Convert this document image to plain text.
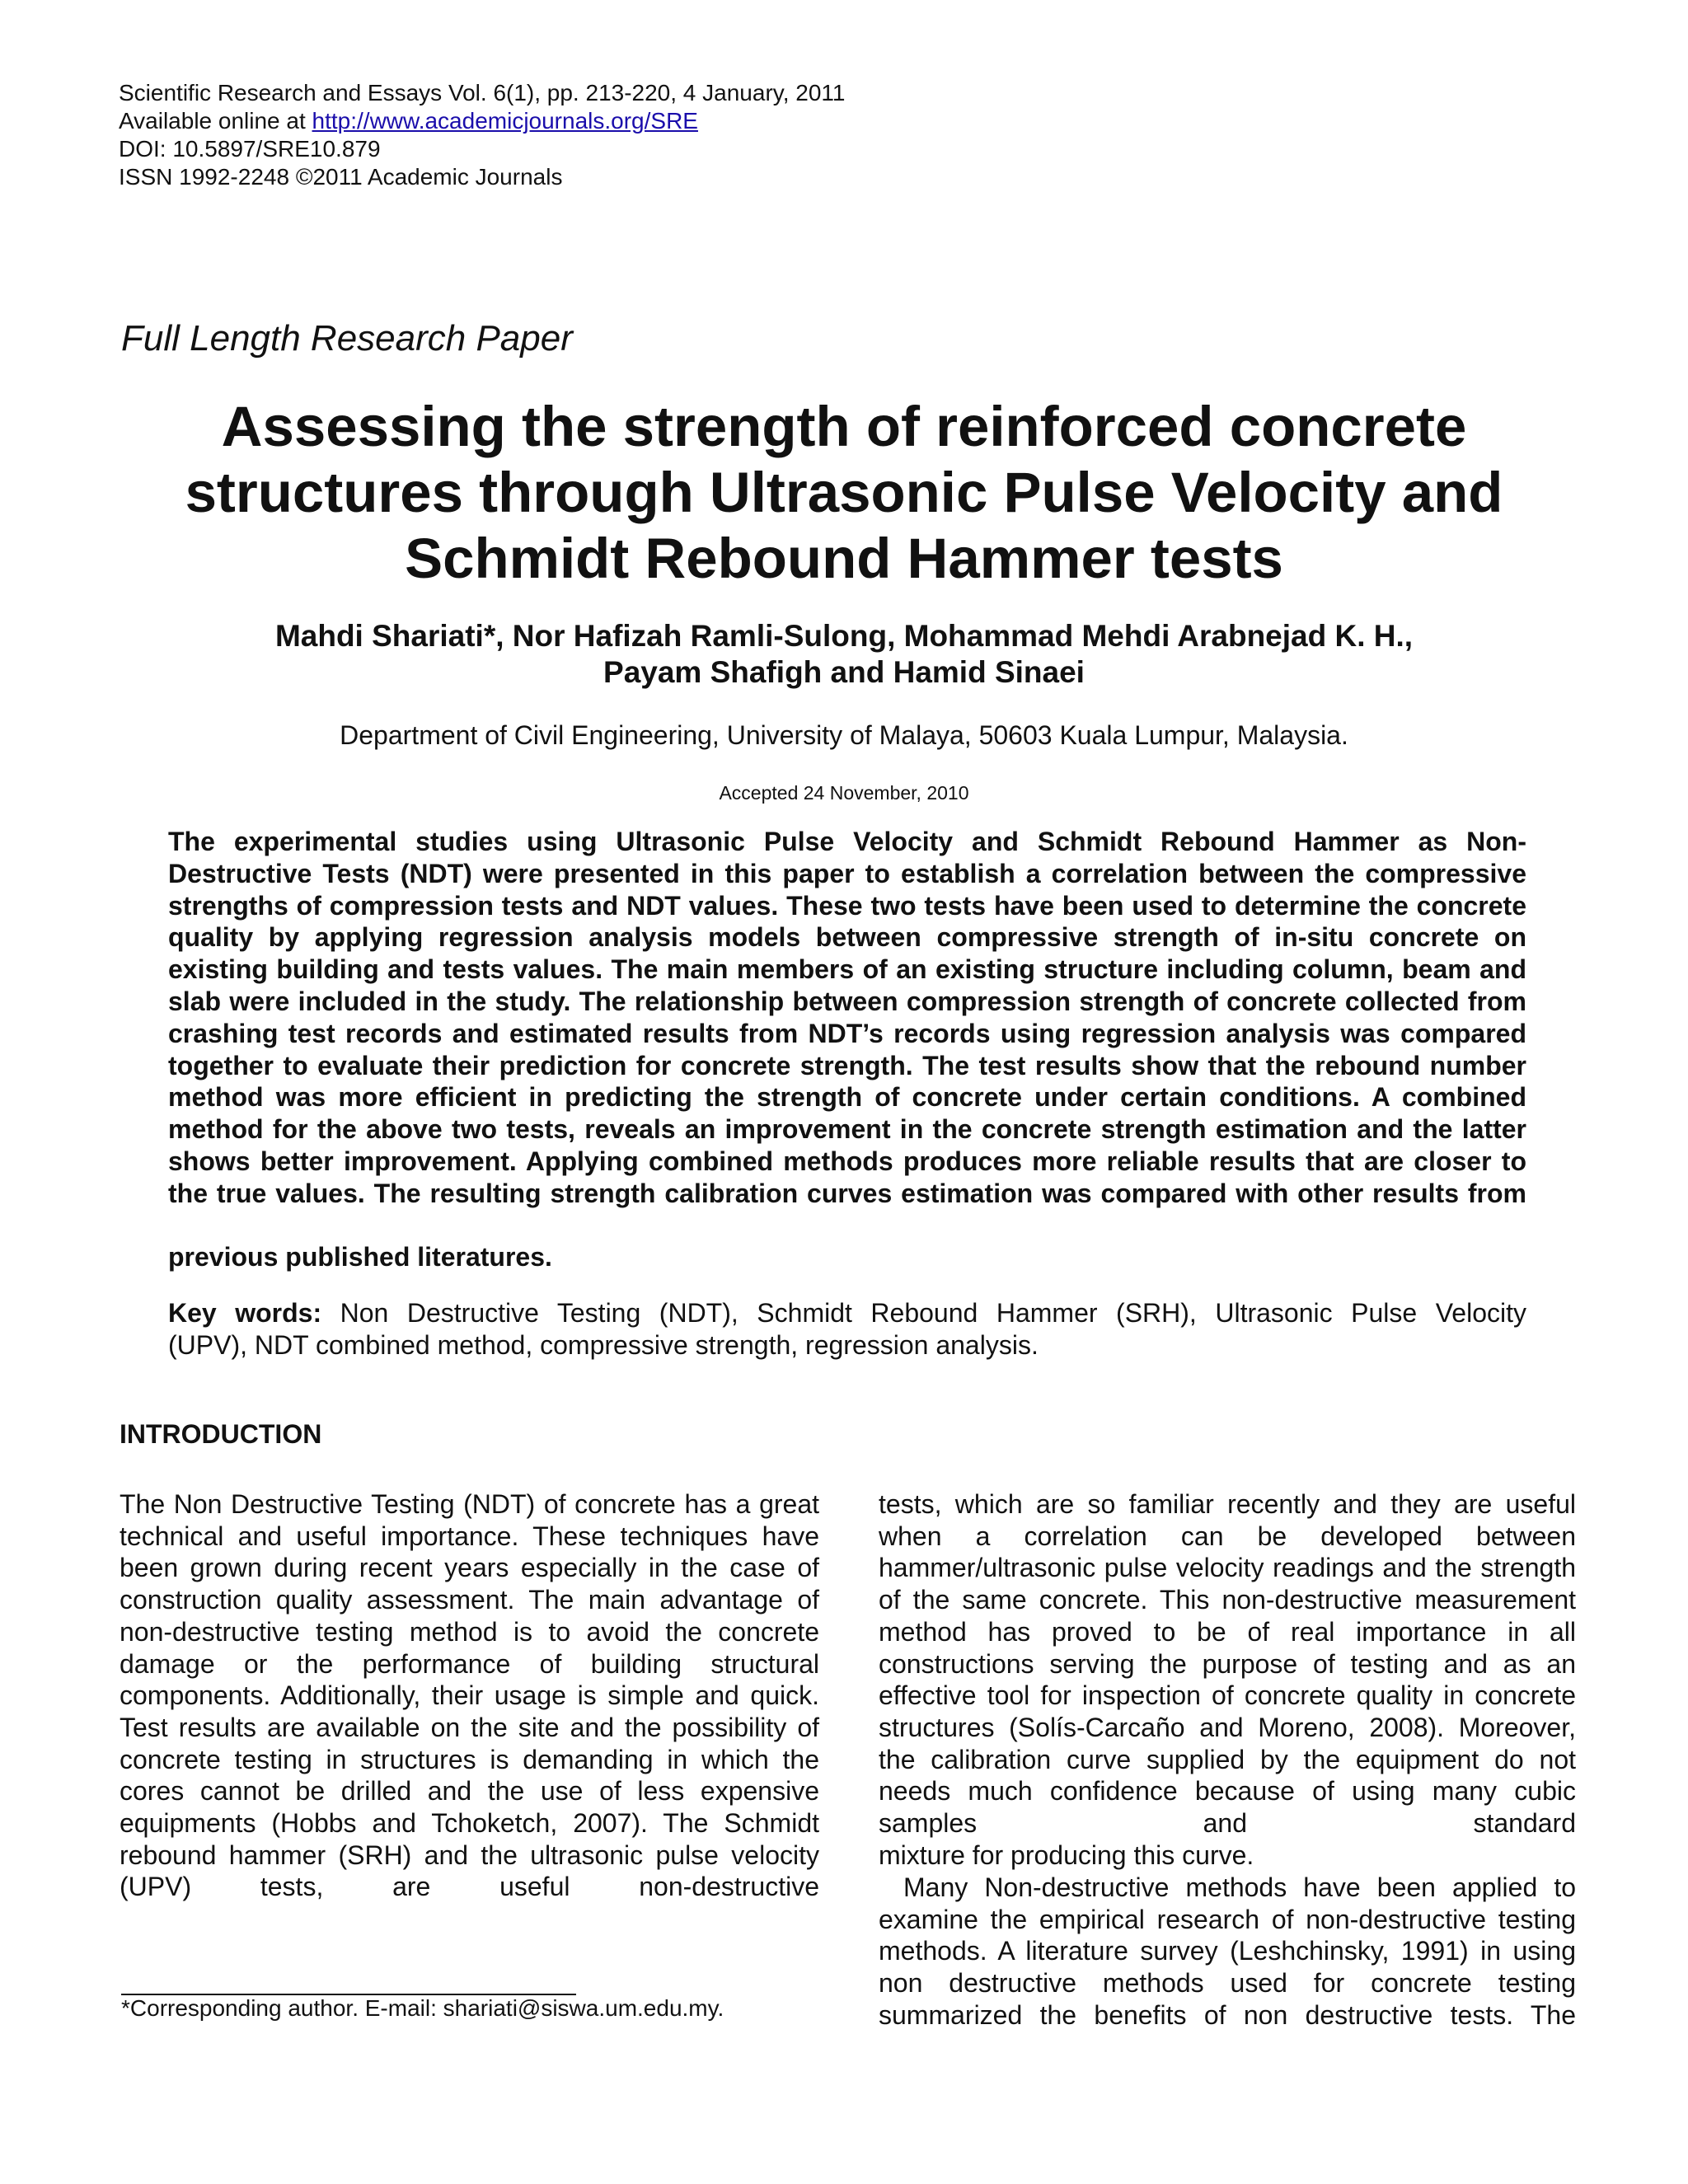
Scientific Research and Essays Vol. 6(1), pp. 213-220, 4 January, 2011
Available online at http://www.academicjournals.org/SRE
DOI: 10.5897/SRE10.879
ISSN 1992-2248 ©2011 Academic Journals
Full Length Research Paper
Assessing the strength of reinforced concrete
structures through Ultrasonic Pulse Velocity and
Schmidt Rebound Hammer tests
Mahdi Shariati*, Nor Hafizah Ramli-Sulong, Mohammad Mehdi Arabnejad K. H.,
Payam Shafigh and Hamid Sinaei
Department of Civil Engineering, University of Malaya, 50603 Kuala Lumpur, Malaysia.
Accepted 24 November, 2010

The experimental studies using Ultrasonic Pulse Velocity and Schmidt Rebound Hammer as Non-Destructive Tests (NDT) were presented in this paper to establish a correlation between the compressive strengths of compression tests and NDT values. These two tests have been used to determine the concrete quality by applying regression analysis models between compressive strength of in-situ concrete on existing building and tests values. The main members of an existing structure including column, beam and slab were included in the study. The relationship between compression strength of concrete collected from crashing test records and estimated results from NDT’s records using regression analysis was compared together to evaluate their prediction for concrete strength. The test results show that the rebound number method was more efficient in predicting the strength of concrete under certain conditions. A combined method for the above two tests, reveals an improvement in the concrete strength estimation and the latter shows better improvement. Applying combined methods produces more reliable results that are closer to the true values. The resulting strength calibration curves estimation was compared with other results from

previous published literatures.
Key words: Non Destructive Testing (NDT), Schmidt Rebound Hammer (SRH), Ultrasonic Pulse Velocity
(UPV), NDT combined method, compressive strength, regression analysis.
INTRODUCTION
The Non Destructive Testing (NDT) of concrete has a great technical and useful importance. These techniques have been grown during recent years especially in the case of construction quality assessment. The main advantage of non-destructive testing method is to avoid the concrete damage or the performance of building structural components. Additionally, their usage is simple and quick. Test results are available on the site and the possibility of concrete testing in structures is demanding in which the cores cannot be drilled and the use of less expensive equipments (Hobbs and Tchoketch, 2007). The Schmidt rebound hammer (SRH) and the ultrasonic pulse velocity (UPV) tests, are useful non-destructive
tests, which are so familiar recently and they are useful when a correlation can be developed between hammer/ultrasonic pulse velocity readings and the strength of the same concrete. This non-destructive measurement method has proved to be of real importance in all constructions serving the purpose of testing and as an effective tool for inspection of concrete quality in concrete structures (Solís-Carcaño and Moreno, 2008). Moreover, the calibration curve supplied by the equipment do not needs much confidence because of using many cubic samples and standard
mixture for producing this curve.
Many Non-destructive methods have been applied to examine the empirical research of non-destructive testing methods. A literature survey (Leshchinsky, 1991) in using non destructive methods used for concrete testing summarized the benefits of non destructive tests. The
*Corresponding author. E-mail: shariati@siswa.um.edu.my.
